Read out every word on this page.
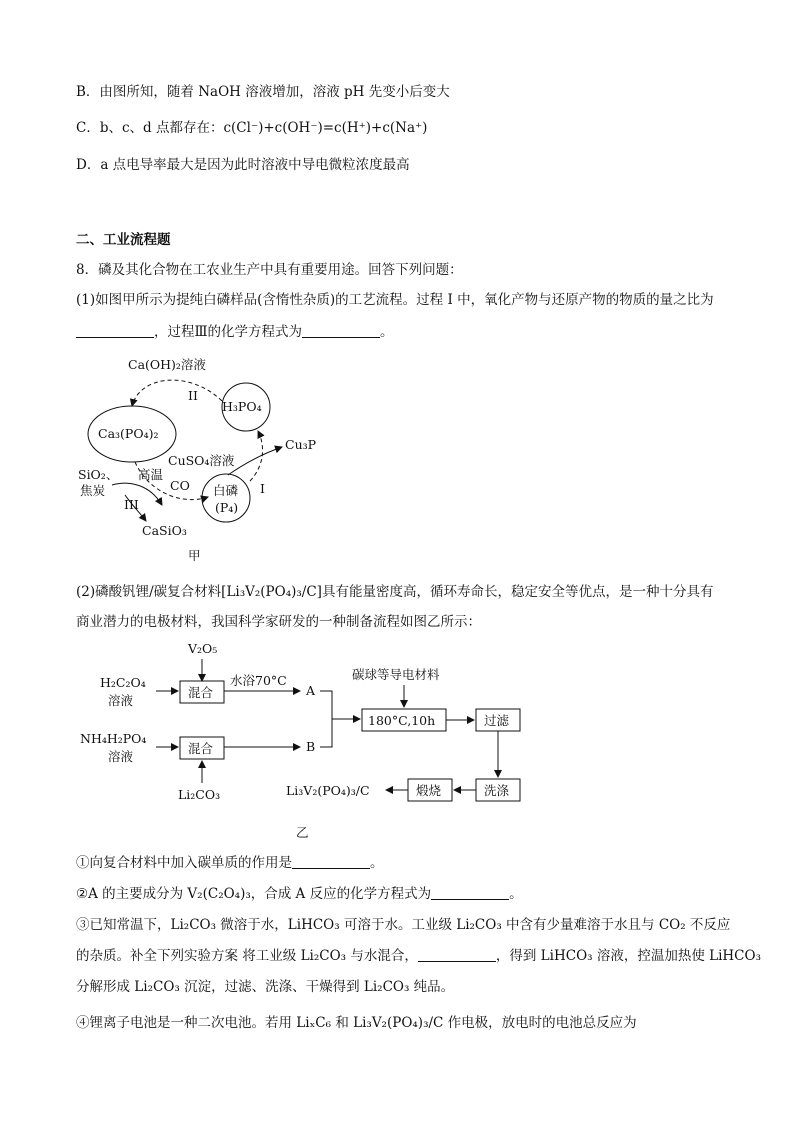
B．由图所知，随着 NaOH 溶液增加，溶液 pH 先变小后变大
C．b、c、d 点都存在：c(Cl⁻)+c(OH⁻)=c(H⁺)+c(Na⁺)
D．a 点电导率最大是因为此时溶液中导电微粒浓度最高
二、工业流程题
8．磷及其化合物在工农业生产中具有重要用途。回答下列问题：
(1)如图甲所示为提纯白磷样品(含惰性杂质)的工艺流程。过程 I 中，氧化产物与还原产物的物质的量之比为
，过程Ⅲ的化学方程式为	。
Ca(OH)₂溶液
II
H₃PO₄
Ca₃(PO₄)₂
白磷
(P₄)
CuSO₄溶液
Cu₃P
I
SiO₂、
焦炭
高温
CO
III
CaSiO₃
甲
(2)磷酸钒锂/碳复合材料[Li₃V₂(PO₄)₃/C]具有能量密度高，循环寿命长，稳定安全等优点，是一种十分具有
商业潜力的电极材料，我国科学家研发的一种制备流程如图乙所示：
V₂O₅
H₂C₂O₄
溶液
混合
水浴70°C
A
NH₄H₂PO₄
溶液
混合	B
Li₂CO₃
碳球等导电材料
180°C,10h	过滤
洗涤
煅烧
Li₃V₂(PO₄)₃/C
乙
①向复合材料中加入碳单质的作用是	。
②A 的主要成分为 V₂(C₂O₄)₃，合成 A 反应的化学方程式为	。
③已知常温下，Li₂CO₃ 微溶于水，LiHCO₃ 可溶于水。工业级 Li₂CO₃ 中含有少量难溶于水且与 CO₂ 不反应
的杂质。补全下列实验方案 将工业级 Li₂CO₃ 与水混合，	，得到 LiHCO₃ 溶液，控温加热使 LiHCO₃
分解形成 Li₂CO₃ 沉淀，过滤、洗涤、干燥得到 Li₂CO₃ 纯品。
④锂离子电池是一种二次电池。若用 LiₓC₆ 和 Li₃V₂(PO₄)₃/C 作电极，放电时的电池总反应为
